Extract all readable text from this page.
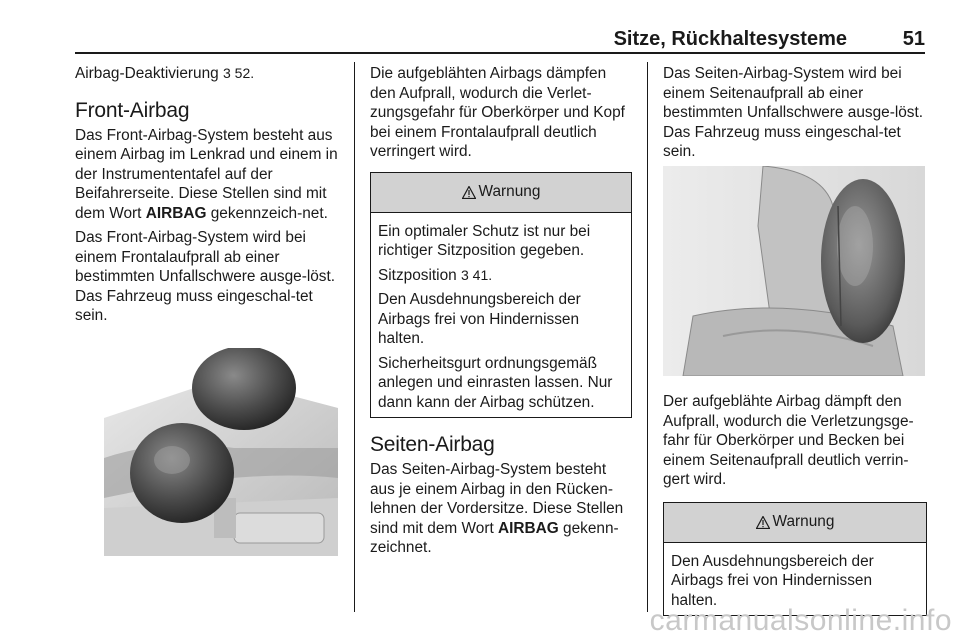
Sitze, Rückhaltesysteme	51

Airbag-Deaktivierung 3 52.

Front-Airbag

Das Front-Airbag-System besteht aus einem Airbag im Lenkrad und einem in der Instrumententafel auf der Beifahrerseite. Diese Stellen sind mit dem Wort AIRBAG gekennzeich-net.

Das Front-Airbag-System wird bei einem Frontalaufprall ab einer bestimmten Unfallschwere ausge-löst. Das Fahrzeug muss eingeschal-tet sein.

Die aufgeblähten Airbags dämpfen den Aufprall, wodurch die Verlet-zungsgefahr für Oberkörper und Kopf bei einem Frontalaufprall deutlich verringert wird.

Warnung

Ein optimaler Schutz ist nur bei richtiger Sitzposition gegeben.

Sitzposition 3 41.

Den Ausdehnungsbereich der Airbags frei von Hindernissen halten.

Sicherheitsgurt ordnungsgemäß anlegen und einrasten lassen. Nur dann kann der Airbag schützen.

Seiten-Airbag

Das Seiten-Airbag-System besteht aus je einem Airbag in den Rücken-lehnen der Vordersitze. Diese Stellen sind mit dem Wort AIRBAG gekenn-zeichnet.

Das Seiten-Airbag-System wird bei einem Seitenaufprall ab einer bestimmten Unfallschwere ausge-löst. Das Fahrzeug muss eingeschal-tet sein.

Der aufgeblähte Airbag dämpft den Aufprall, wodurch die Verletzungsge-fahr für Oberkörper und Becken bei einem Seitenaufprall deutlich verrin-gert wird.

Warnung

Den Ausdehnungsbereich der Airbags frei von Hindernissen halten.

carmanualsonline.info
